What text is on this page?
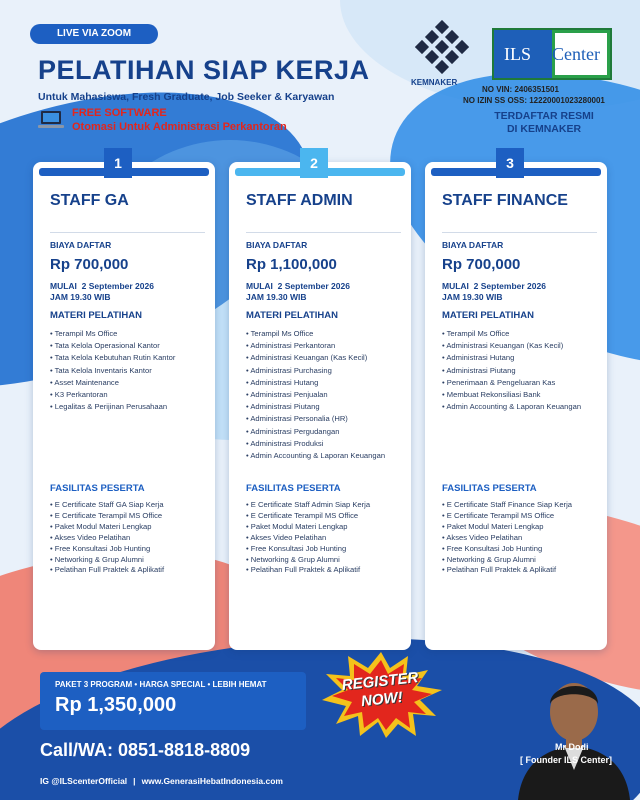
LIVE VIA ZOOM
PELATIHAN SIAP KERJA
Untuk Mahasiswa, Fresh Graduate, Job Seeker & Karyawan
FREE SOFTWARE
Otomasi Untuk Administrasi Perkantoran
KEMNAKER
ILS Center
NO VIN: 2406351501
NO IZIN SS OSS: 12220001023280001
TERDAFTAR RESMI
DI KEMNAKER
1
STAFF GA
BIAYA DAFTAR
Rp 700,000
MULAI 2 September 2026
JAM 19.30 WIB
MATERI PELATIHAN
• Terampil Ms Office
• Tata Kelola Operasional Kantor
• Tata Kelola Kebutuhan Rutin Kantor
• Tata Kelola Inventaris Kantor
• Asset Maintenance
• K3 Perkantoran
• Legalitas & Perijinan Perusahaan
FASILITAS PESERTA
• E Certificate Staff GA Siap Kerja
• E Certificate Terampil MS Office
• Paket Modul Materi Lengkap
• Akses Video Pelatihan
• Free Konsultasi Job Hunting
• Networking & Grup Alumni
• Pelatihan Full Praktek & Aplikatif
2
STAFF ADMIN
BIAYA DAFTAR
Rp 1,100,000
MULAI 2 September 2026
JAM 19.30 WIB
MATERI PELATIHAN
• Terampil Ms Office
• Administrasi Perkantoran
• Administrasi Keuangan (Kas Kecil)
• Administrasi Purchasing
• Administrasi Hutang
• Administrasi Penjualan
• Administrasi Piutang
• Administrasi Personalia (HR)
• Administrasi Pergudangan
• Administrasi Produksi
• Admin Accounting & Laporan Keuangan
FASILITAS PESERTA
• E Certificate Staff Admin Siap Kerja
• E Certificate Terampil MS Office
• Paket Modul Materi Lengkap
• Akses Video Pelatihan
• Free Konsultasi Job Hunting
• Networking & Grup Alumni
• Pelatihan Full Praktek & Aplikatif
3
STAFF FINANCE
BIAYA DAFTAR
Rp 700,000
MULAI 2 September 2026
JAM 19.30 WIB
MATERI PELATIHAN
• Terampil Ms Office
• Administrasi Keuangan (Kas Kecil)
• Administrasi Hutang
• Administrasi Piutang
• Penerimaan & Pengeluaran Kas
• Membuat Rekonsiliasi Bank
• Admin Accounting & Laporan Keuangan
FASILITAS PESERTA
• E Certificate Staff Finance Siap Kerja
• E Certificate Terampil MS Office
• Paket Modul Materi Lengkap
• Akses Video Pelatihan
• Free Konsultasi Job Hunting
• Networking & Grup Alumni
• Pelatihan Full Praktek & Aplikatif
PAKET 3 PROGRAM • HARGA SPECIAL • LEBIH HEMAT
Rp 1,350,000
REGISTER
NOW!
Mr Dodi
[ Founder ILS Center]
Call/WA: 0851-8818-8809
IG @ILScenterOfficial | www.GenerasiHebatIndonesia.com
